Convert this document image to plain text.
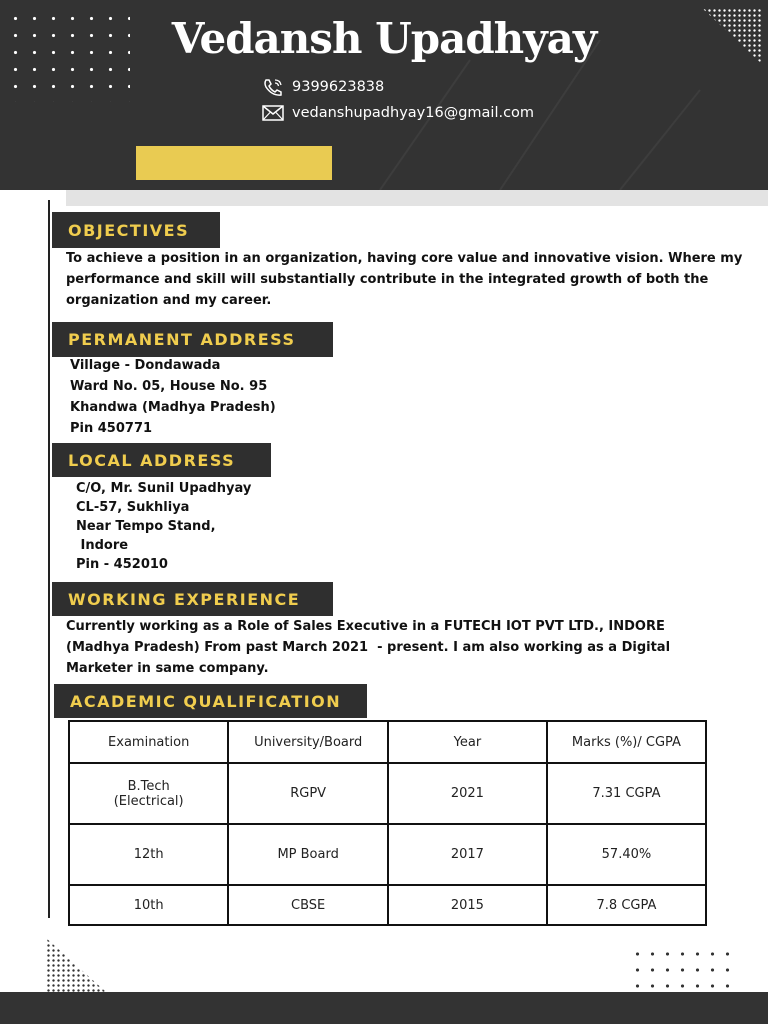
Vedansh Upadhyay
9399623838
vedanshupadhyay16@gmail.com
OBJECTIVES
To achieve a position in an organization, having core value and innovative vision. Where my
performance and skill will substantially contribute in the integrated growth of both the
organization and my career.
PERMANENT ADDRESS
Village - Dondawada
Ward No. 05, House No. 95
Khandwa (Madhya Pradesh)
Pin 450771
LOCAL ADDRESS
C/O, Mr. Sunil Upadhyay
CL-57, Sukhliya
Near Tempo Stand,
Indore
Pin - 452010
WORKING EXPERIENCE
Currently working as a Role of Sales Executive in a FUTECH IOT PVT LTD., INDORE
(Madhya Pradesh) From past March 2021  - present. I am also working as a Digital
Marketer in same company.
ACADEMIC QUALIFICATION
Examination	University/Board	Year	Marks (%)/ CGPA

B.Tech
(Electrical)	RGPV	2021	7.31 CGPA
12th	MP Board	2017	57.40%
10th	CBSE	2015	7.8 CGPA
